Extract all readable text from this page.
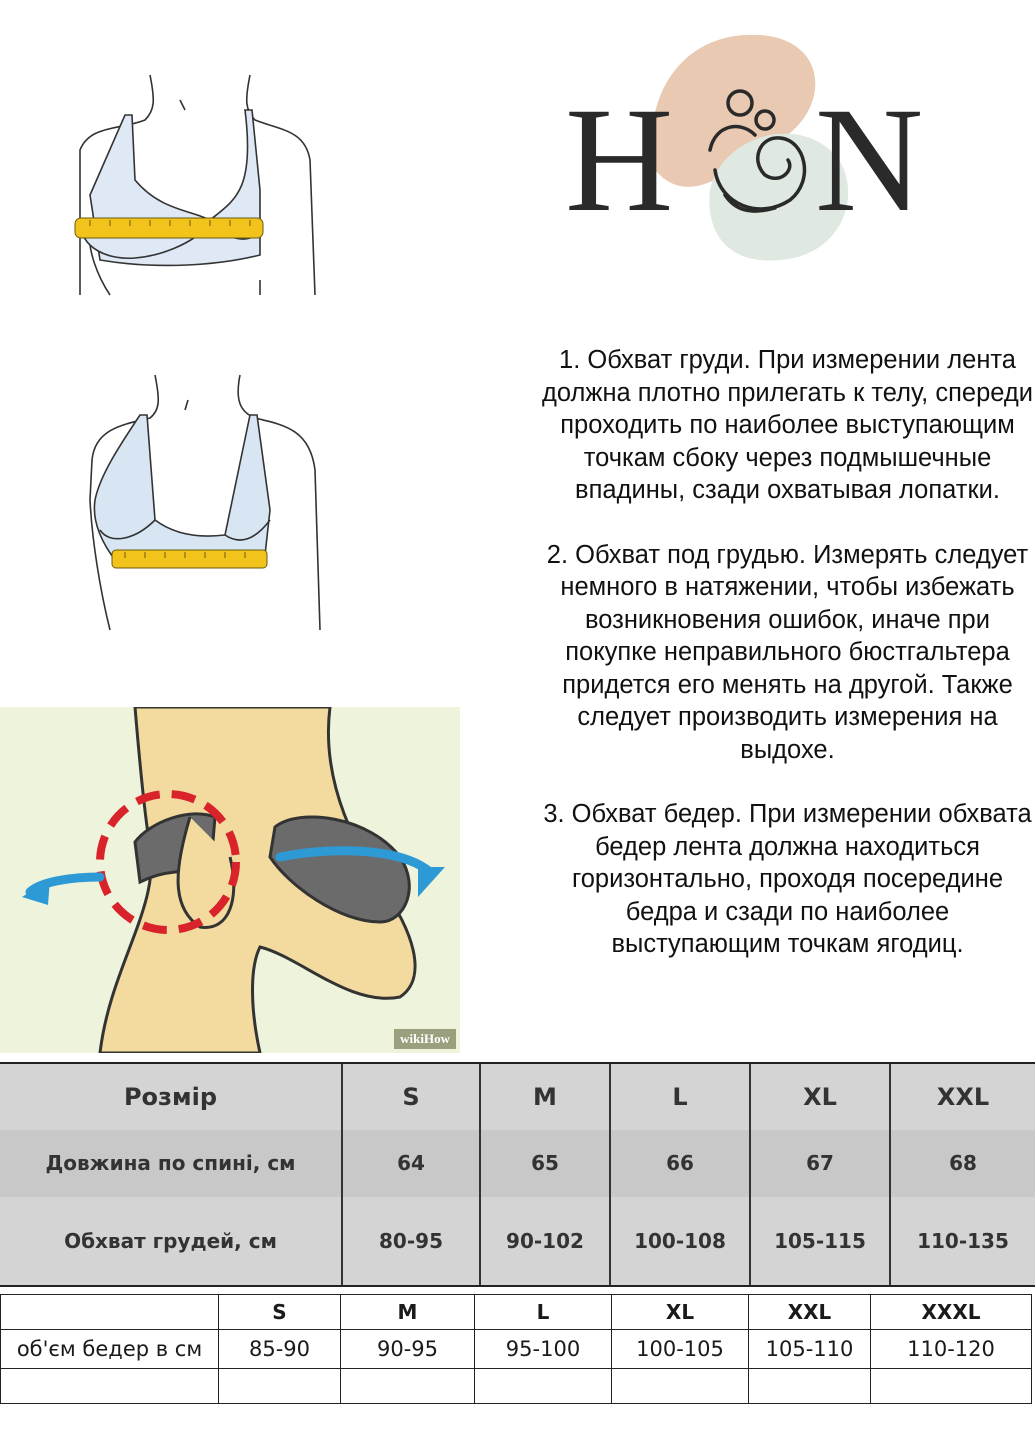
H N
wikiHow

1. Обхват груди. При измерении лента должна плотно прилегать к телу, спереди проходить по наиболее выступающим точкам сбоку через подмышечные впадины, сзади охватывая лопатки.

2. Обхват под грудью. Измерять следует немного в натяжении, чтобы избежать возникновения ошибок, иначе при покупке неправильного бюстгальтера придется его менять на другой. Также следует производить измерения на выдохе.

3. Обхват бедер. При измерении обхвата бедер лента должна находиться горизонтально, проходя посередине бедра и сзади по наиболее выступающим точкам ягодиц.

Розмір	S	M	L	XL	XXL
Довжина по спині, см	64	65	66	67	68
Обхват грудей, см	80-95	90-102	100-108	105-115	110-135
	S	M	L	XL	XXL	XXXL
об'єм бедер в см	85-90	90-95	95-100	100-105	105-110	110-120
